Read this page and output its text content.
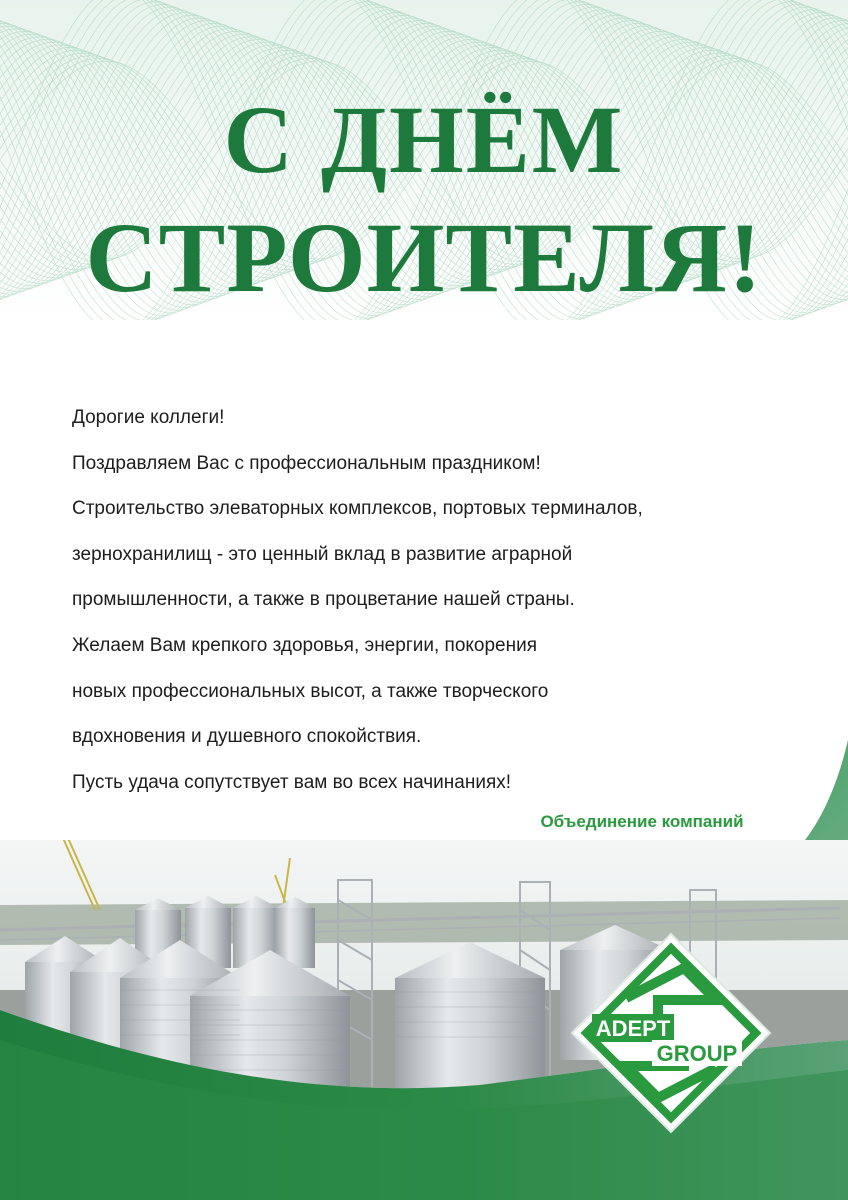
С ДНЁМ
СТРОИТЕЛЯ!

Дорогие коллеги!

Поздравляем Вас с профессиональным праздником!

Строительство элеваторных комплексов, портовых терминалов,

зернохранилищ - это ценный вклад в развитие аграрной

промышленности, а также в процветание нашей страны.

Желаем Вам крепкого здоровья, энергии, покорения

новых профессиональных высот, а также творческого

вдохновения и душевного спокойствия.

Пусть удача сопутствует вам во всех начинаниях!

Объединение компаний
ADEPT
GROUP
